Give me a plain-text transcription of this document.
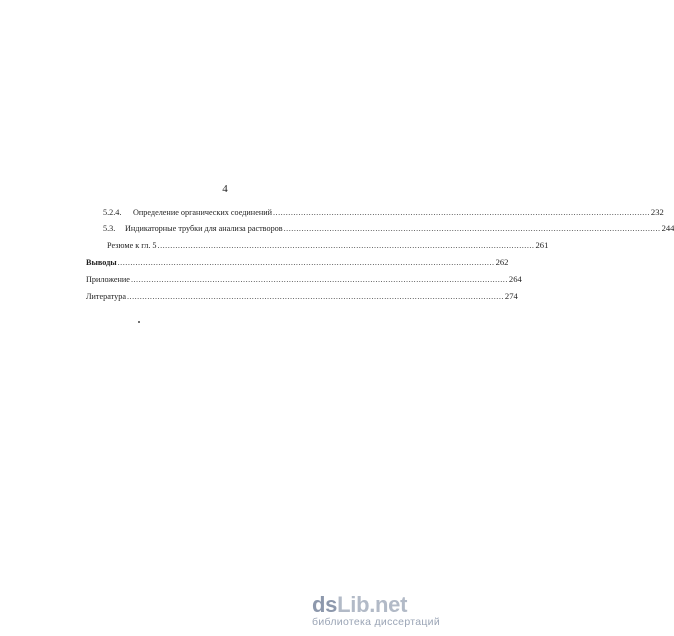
4
5.2.4. Определение органических соединений .................................................................................................................................................... 232
5.3. Индикаторные трубки для анализа растворов .................................................................................................................................................... 244
Резюме к гл. 5 .................................................................................................................................................... 261
Выводы .................................................................................................................................................... 262
Приложение .................................................................................................................................................... 264
Литература .................................................................................................................................................... 274
dsLib.net
библиотека диссертаций
